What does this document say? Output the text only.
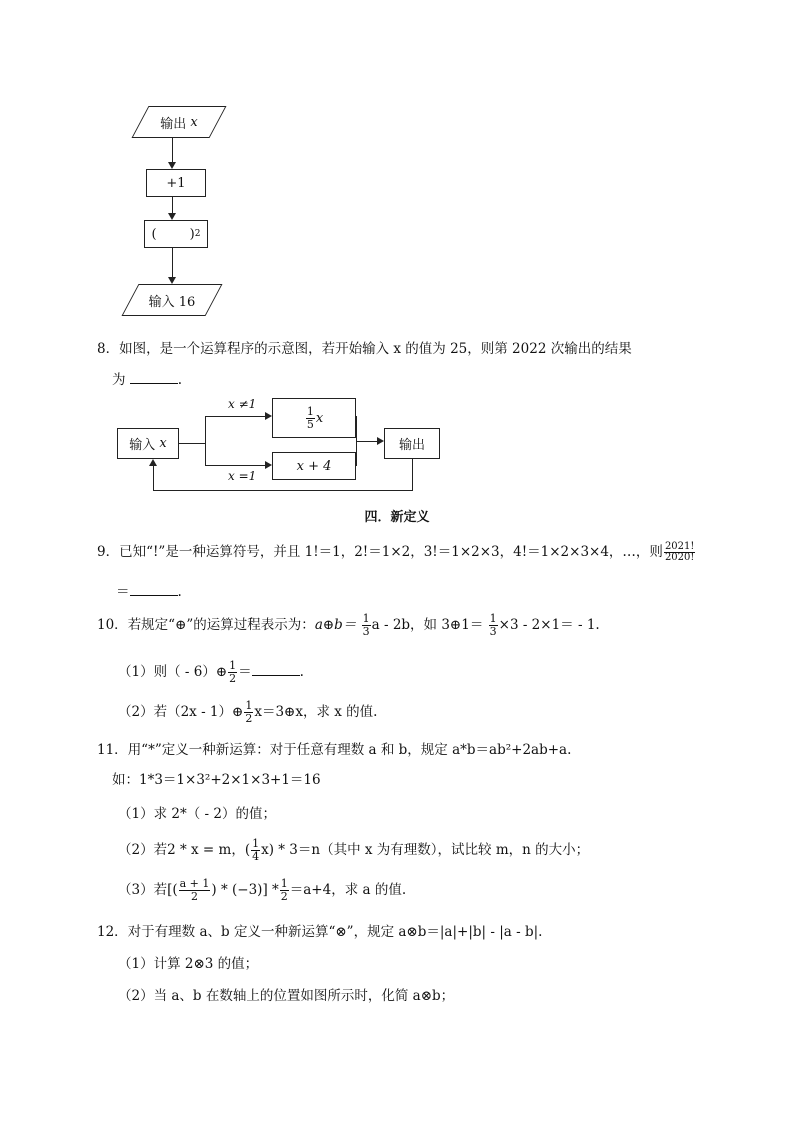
输出
x
+1
(        ) 2
输入 16
8．如图，是一个运算程序的示意图，若开始输入 x 的值为 25，则第 2022 次输出的结果
为	.
输入
x
x ≠1
x =1
$\frac{1}{5}$ x
x + 4
输出
四．新定义
9．已知“!”是一种运算符号，并且 1!＝1，2!＝1×2，3!＝1×2×3，4!＝1×2×3×4，…，则 $\frac{2021!}{2020!}$
＝	.
10．若规定“⊕”的运算过程表示为：a⊕b＝ $\frac{1}{3}$ a - 2b，如 3⊕1＝ $\frac{1}{3} \times 3 - 2\times 1= - 1$.
（1）则（ - 6）⊕ $\frac{1}{2}$ ＝	.
（2）若（2x - 1）⊕ $\frac{1}{2}$ x＝3⊕x，求 x 的值.
11．用“*”定义一种新运算：对于任意有理数 a 和 b，规定 a*b＝ab²+2ab+a.
如：1*3＝1×3²+2×1×3+1＝16
（1）求 2*（ - 2）的值；
（2）若2 * x = m，( $\frac{1}{4} x) * 3=n$（其中 x 为有理数），试比较 m，n 的大小；
（3）若[( $\frac{a + 1}{2}$ ) * $(-3)] * \frac{1}{2} =a+4$，求 a 的值.
12．对于有理数 a、b 定义一种新运算“⊗”，规定 a⊗b＝|a|+|b| - |a - b|.
（1）计算 2⊗3 的值；
（2）当 a、b 在数轴上的位置如图所示时，化简 a⊗b；
